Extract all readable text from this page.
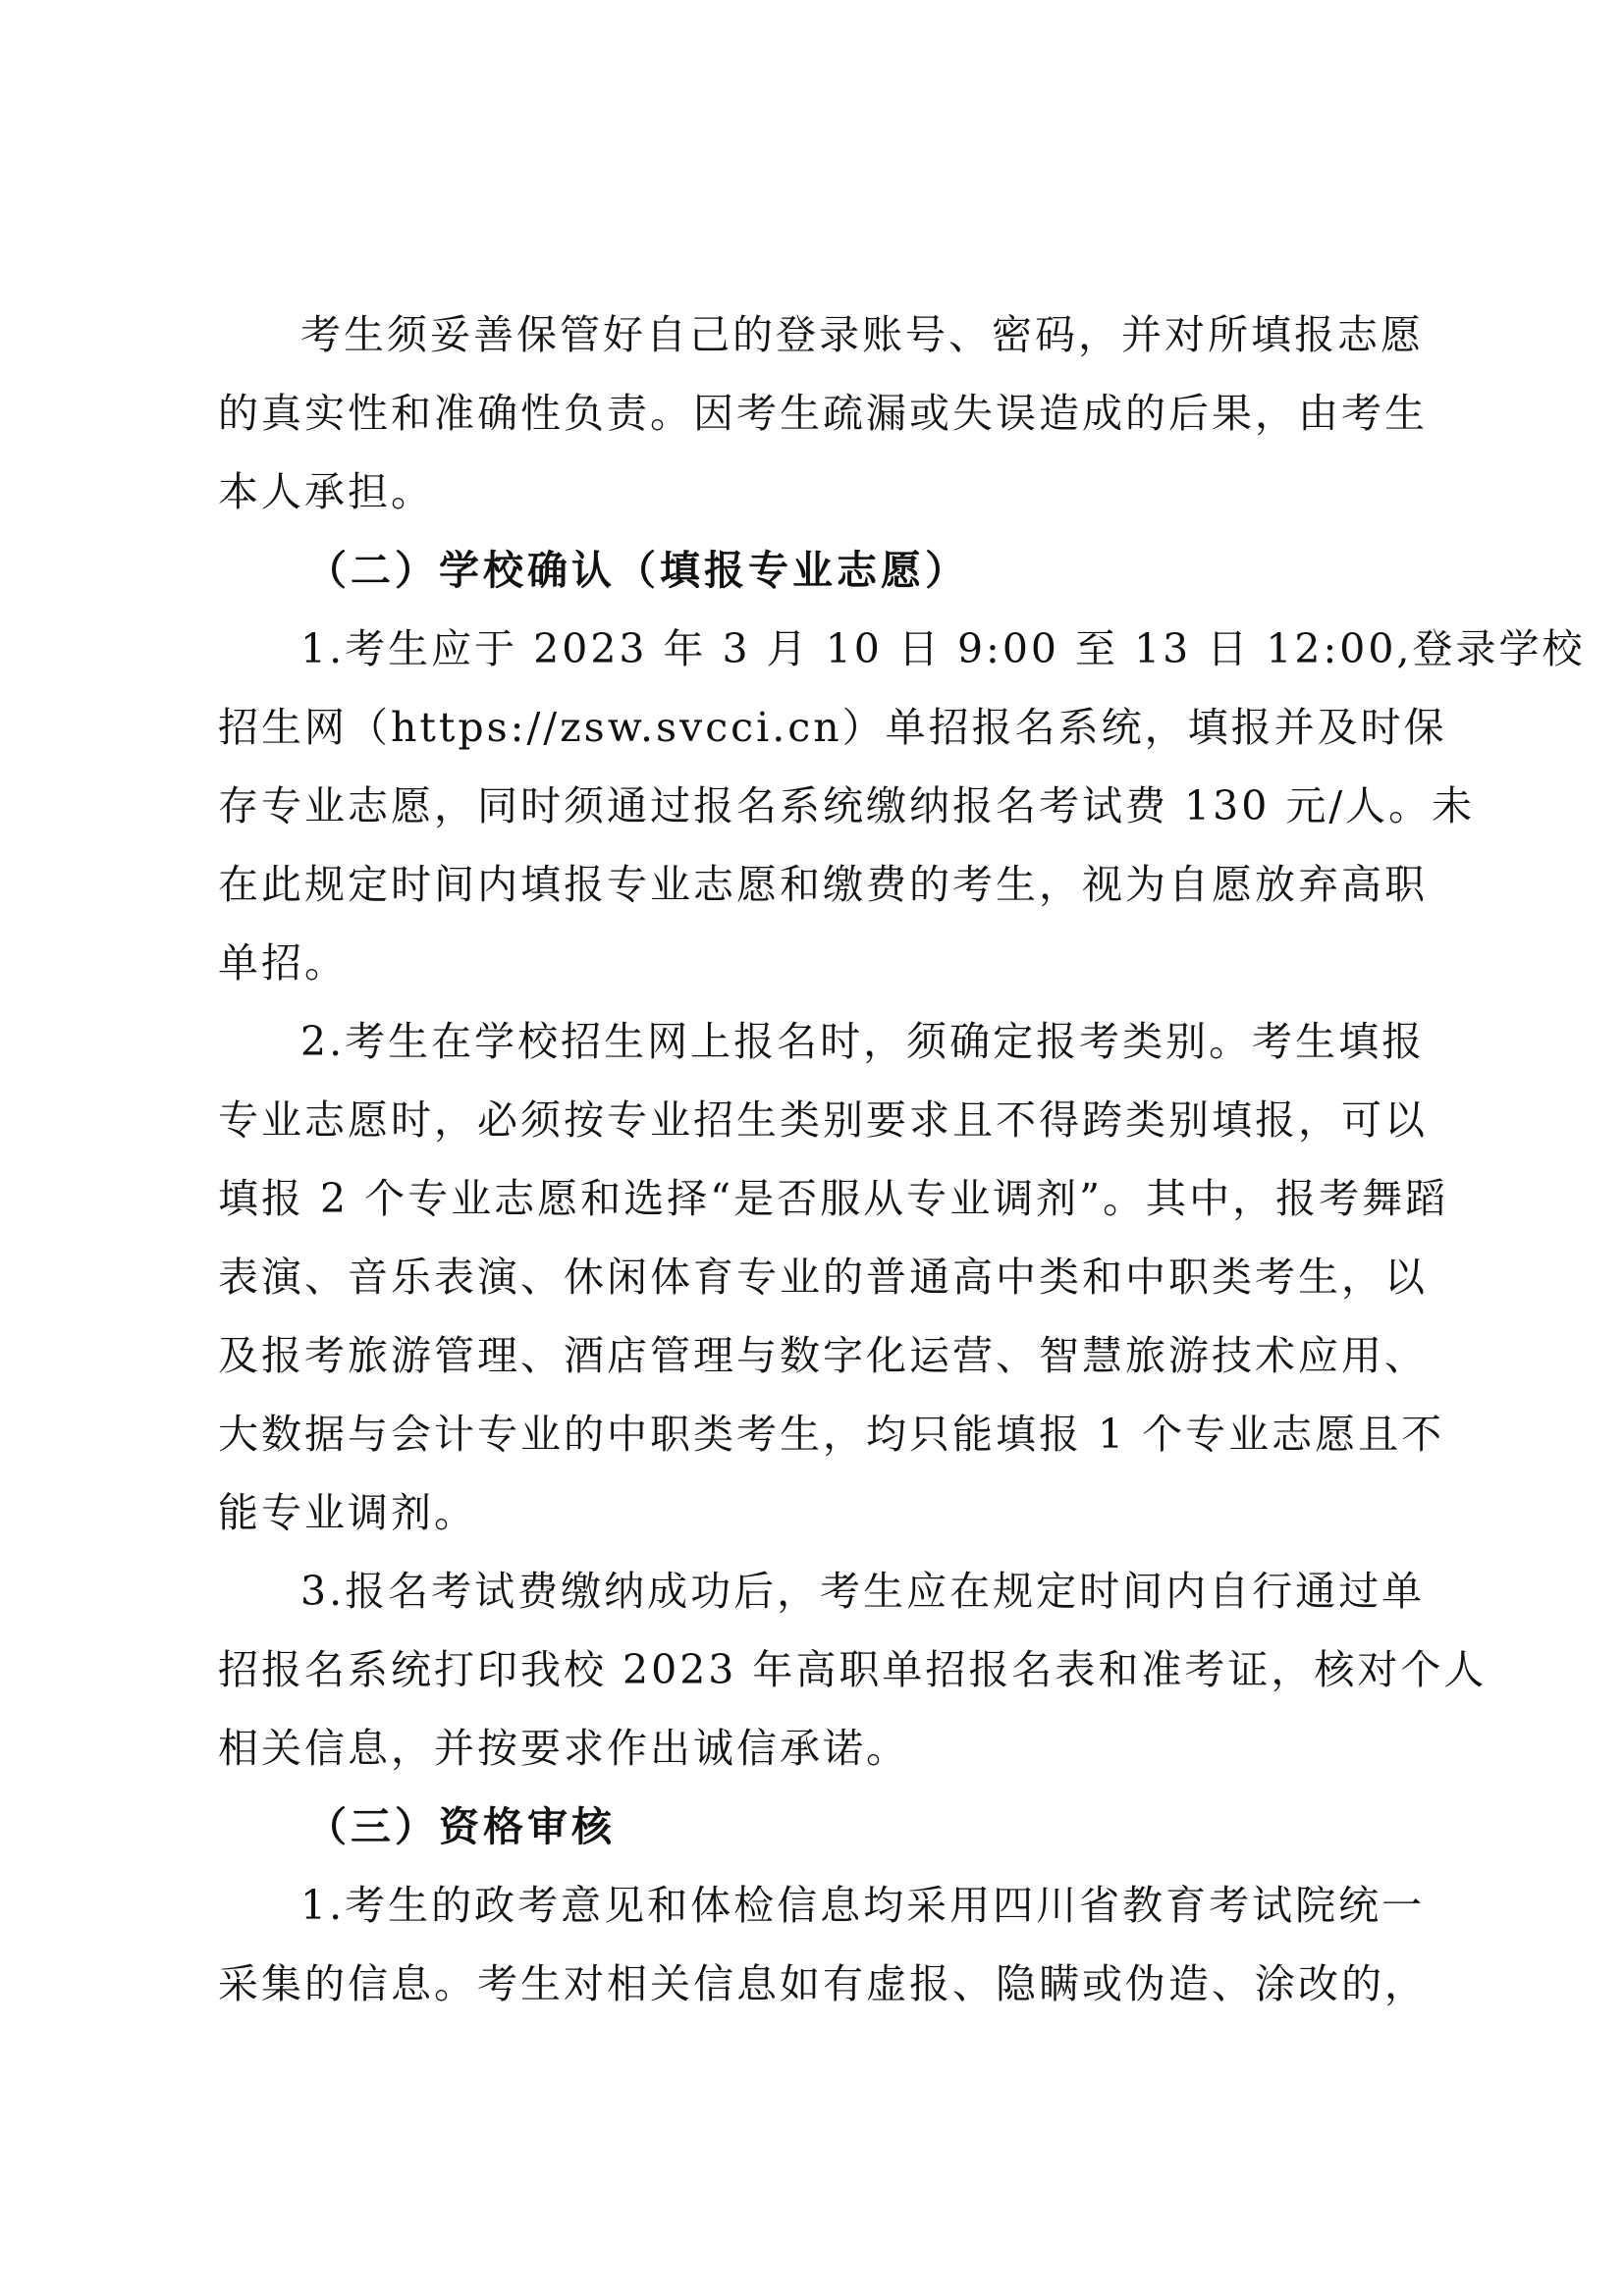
考生须妥善保管好自己的登录账号、密码，并对所填报志愿
的真实性和准确性负责。因考生疏漏或失误造成的后果，由考生
本人承担。
（二）学校确认（填报专业志愿）
1.考生应于 2023 年 3 月 10 日 9:00 至 13 日 12:00,登录学校
招生网（https://zsw.svcci.cn）单招报名系统，填报并及时保
存专业志愿，同时须通过报名系统缴纳报名考试费 130 元/人。未
在此规定时间内填报专业志愿和缴费的考生，视为自愿放弃高职
单招。
2.考生在学校招生网上报名时，须确定报考类别。考生填报
专业志愿时，必须按专业招生类别要求且不得跨类别填报，可以
填报 2 个专业志愿和选择“是否服从专业调剂”。其中，报考舞蹈
表演、音乐表演、休闲体育专业的普通高中类和中职类考生，以
及报考旅游管理、酒店管理与数字化运营、智慧旅游技术应用、
大数据与会计专业的中职类考生，均只能填报 1 个专业志愿且不
能专业调剂。
3.报名考试费缴纳成功后，考生应在规定时间内自行通过单
招报名系统打印我校 2023 年高职单招报名表和准考证，核对个人
相关信息，并按要求作出诚信承诺。
（三）资格审核
1.考生的政考意见和体检信息均采用四川省教育考试院统一
采集的信息。考生对相关信息如有虚报、隐瞒或伪造、涂改的，
